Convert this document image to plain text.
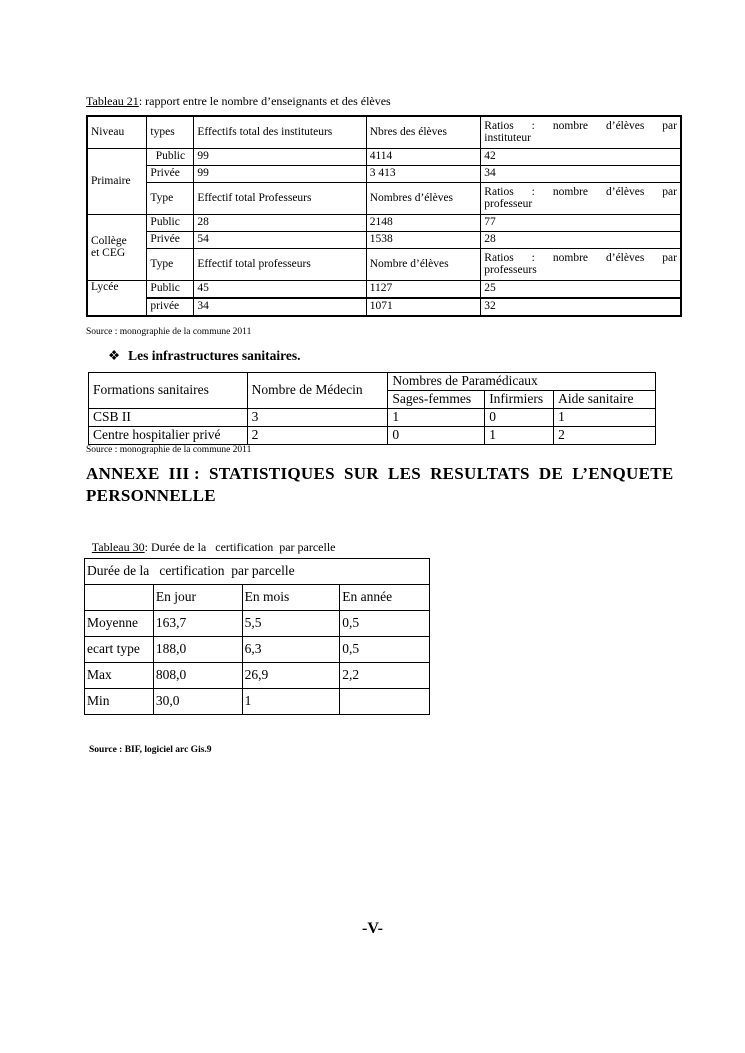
Tableau 21: rapport entre le nombre d’enseignants et des élèves
Niveau	types	Effectifs total des instituteurs	Nbres des élèves	Ratios : nombre d’élèves par
instituteur

Primaire	Public	99	4114	42
	Privée	99	3 413	34
	Type	Effectif total Professeurs	Nombres d’élèves	Ratios : nombre d’élèves par
professeur

Collège
et CEG	Public	28	2148	77
	Privée	54	1538	28
	Type	Effectif total professeurs	Nombre d’élèves	Ratios : nombre d’élèves par
professeurs

Lycée	Public	45	1127	25
	privée	34	1071	32
Source : monographie de la commune 2011
❖ Les infrastructures sanitaires.
Formations sanitaires	Nombre de Médecin	Nombres de Paramédicaux		
		Sages-femmes	Infirmiers	Aide sanitaire
CSB II	3	1	0	1
Centre hospitalier privé	2	0	1	2
Source : monographie de la commune 2011
ANNEXE  III :  STATISTIQUES  SUR  LES  RESULTATS  DE  L’ENQUETE
PERSONNELLE

Tableau 30: Durée de la   certification  par parcelle

Durée de la   certification  par parcelle			
	En jour	En mois	En année
Moyenne	163,7	5,5	0,5
ecart type	188,0	6,3	0,5
Max	808,0	26,9	2,2
Min	30,0	1	
Source : BIF, logiciel arc Gis.9
-V-
